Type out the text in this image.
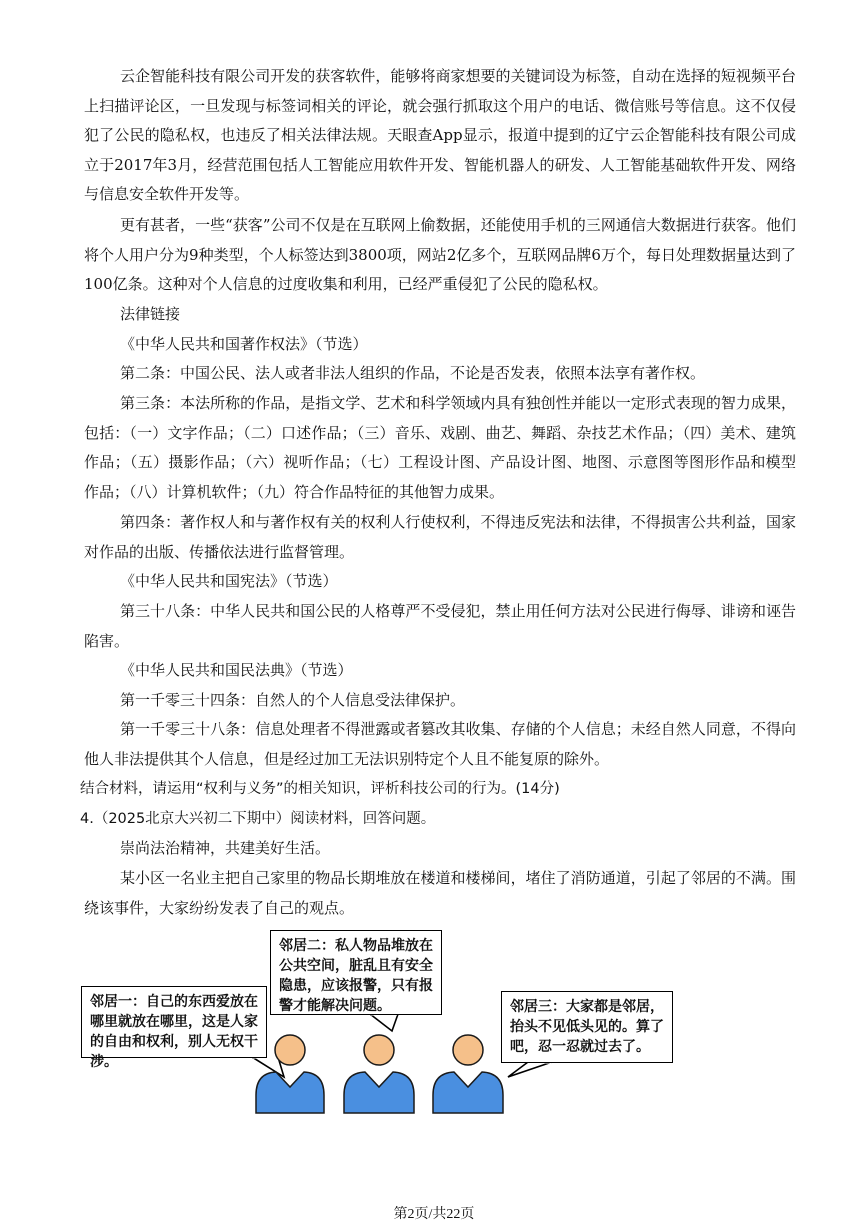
云企智能科技有限公司开发的获客软件，能够将商家想要的关键词设为标签，自动在选择的短视频平台上扫描评论区，一旦发现与标签词相关的评论，就会强行抓取这个用户的电话、微信账号等信息。这不仅侵犯了公民的隐私权，也违反了相关法律法规。天眼查App显示，报道中提到的辽宁云企智能科技有限公司成立于2017年3月，经营范围包括人工智能应用软件开发、智能机器人的研发、人工智能基础软件开发、网络与信息安全软件开发等。

更有甚者，一些“获客”公司不仅是在互联网上偷数据，还能使用手机的三网通信大数据进行获客。他们将个人用户分为9种类型，个人标签达到3800项，网站2亿多个，互联网品牌6万个，每日处理数据量达到了100亿条。这种对个人信息的过度收集和利用，已经严重侵犯了公民的隐私权。

法律链接

《中华人民共和国著作权法》（节选）

第二条：中国公民、法人或者非法人组织的作品，不论是否发表，依照本法享有著作权。

第三条：本法所称的作品，是指文学、艺术和科学领域内具有独创性并能以一定形式表现的智力成果，包括：（一）文字作品；（二）口述作品；（三）音乐、戏剧、曲艺、舞蹈、杂技艺术作品；（四）美术、建筑作品；（五）摄影作品；（六）视听作品；（七）工程设计图、产品设计图、地图、示意图等图形作品和模型作品；（八）计算机软件；（九）符合作品特征的其他智力成果。

第四条：著作权人和与著作权有关的权利人行使权利，不得违反宪法和法律，不得损害公共利益，国家对作品的出版、传播依法进行监督管理。

《中华人民共和国宪法》（节选）

第三十八条：中华人民共和国公民的人格尊严不受侵犯，禁止用任何方法对公民进行侮辱、诽谤和诬告陷害。

《中华人民共和国民法典》（节选）

第一千零三十四条：自然人的个人信息受法律保护。

第一千零三十八条：信息处理者不得泄露或者篡改其收集、存储的个人信息；未经自然人同意，不得向他人非法提供其个人信息，但是经过加工无法识别特定个人且不能复原的除外。

结合材料，请运用“权利与义务”的相关知识，评析科技公司的行为。(14分)

4.（2025北京大兴初二下期中）阅读材料，回答问题。

崇尚法治精神，共建美好生活。

某小区一名业主把自己家里的物品长期堆放在楼道和楼梯间，堵住了消防通道，引起了邻居的不满。围绕该事件，大家纷纷发表了自己的观点。

邻居一：自己的东西爱放在哪里就放在哪里，这是人家的自由和权利，别人无权干涉。
邻居二：私人物品堆放在公共空间，脏乱且有安全隐患，应该报警，只有报警才能解决问题。	邻居三：大家都是邻居，抬头不见低头见的。算了吧，忍一忍就过去了。
第2页/共22页
